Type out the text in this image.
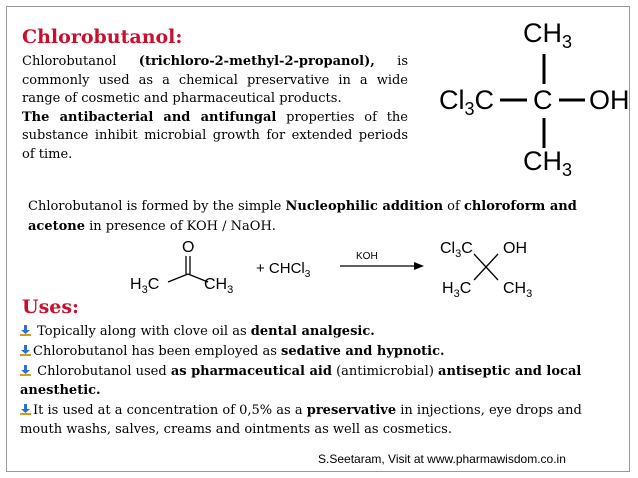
Chlorobutanol:

Chlorobutanol (trichloro-2-methyl-2-propanol), is commonly used as a chemical preservative in a wide range of cosmetic and pharmaceutical products.

The antibacterial and antifungal properties of the substance inhibit microbial growth for extended periods of time.

$CH_3$
$Cl_3C$ C OH
$CH_3$

Chlorobutanol is formed by the simple Nucleophilic addition of chloroform and acetone in presence of KOH / NaOH.

O
$H_3C$	$CH_3$
+ CHCl$_3$
KOH	$Cl_3C$ OH
$H_3C$ $CH_3$
Uses:
Topically along with clove oil as dental analgesic.
Chlorobutanol has been employed as sedative and hypnotic.
Chlorobutanol used as pharmaceutical aid (antimicrobial) antiseptic and local anesthetic.
It is used at a concentration of 0,5% as a preservative in injections, eye drops and mouth washs, salves, creams and ointments as well as cosmetics.

S.Seetaram, Visit at www.pharmawisdom.co.in
